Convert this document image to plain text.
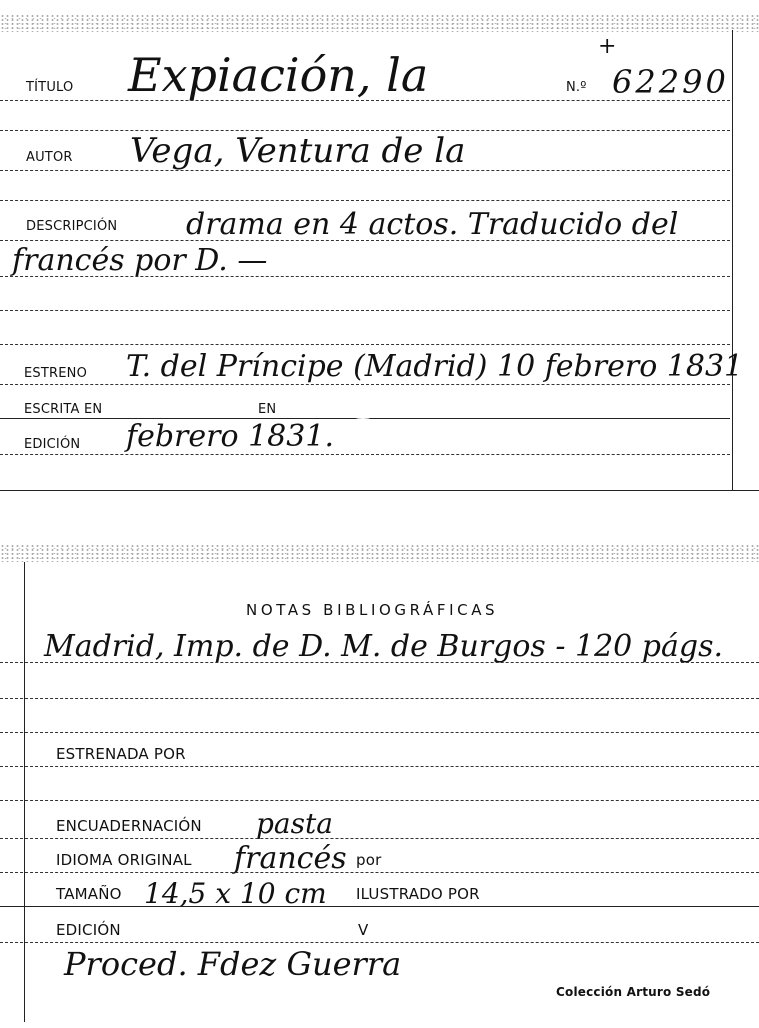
TÍTULO Expiación, la
+
N.º 62290
AUTOR Vega, Ventura de la
DESCRIPCIÓN drama en 4 actos. Traducido del
francés por D. —
ESTRENO T. del Príncipe (Madrid) 10 febrero 1831
ESCRITA EN	EN
EDICIÓN febrero 1831.
NOTAS BIBLIOGRÁFICAS
Madrid, Imp. de D. M. de Burgos - 120 págs.
ESTRENADA POR
ENCUADERNACIÓN pasta
IDIOMA ORIGINAL francés por
TAMAÑO 14,5 x 10 cm ILUSTRADO POR
EDICIÓN	V
Proced. Fdez Guerra
Colección Arturo Sedó
